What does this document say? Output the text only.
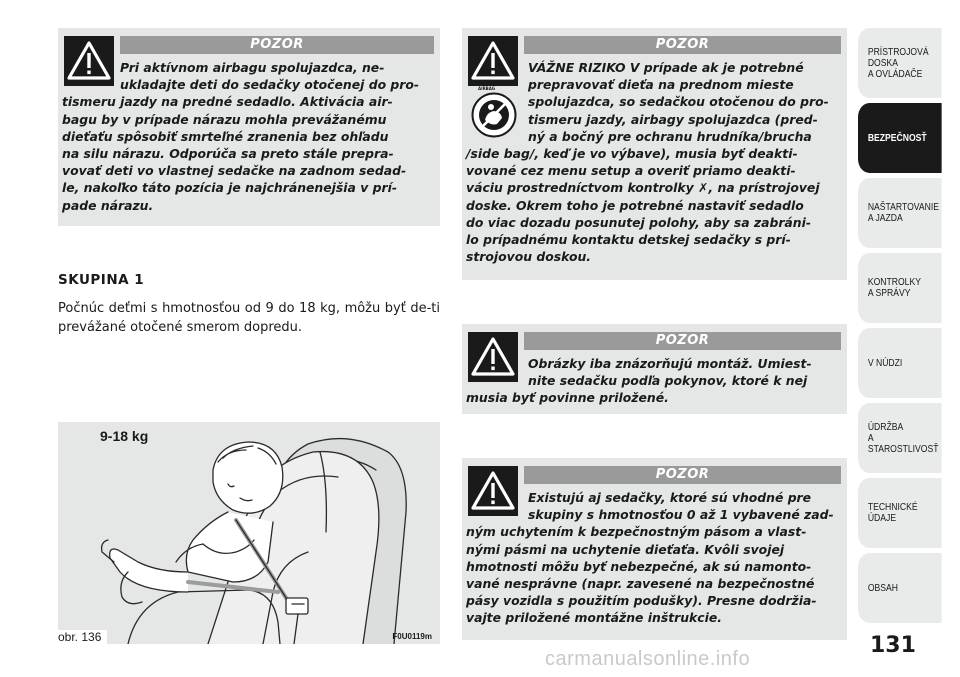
POZOR
Pri aktívnom airbagu spolujazdca, ne-
ukladajte deti do sedačky otočenej do pro-
tismeru jazdy na predné sedadlo. Aktivácia air-
bagu by v prípade nárazu mohla prevážanému
dieťaťu spôsobiť smrteľné zranenia bez ohľadu
na silu nárazu. Odporúča sa preto stále prepra-
vovať deti vo vlastnej sedačke na zadnom sedad-
le, nakoľko táto pozícia je najchránenejšia v prí-
pade nárazu.
SKUPINA 1
Počnúc deťmi s hmotnosťou od 9 do 18 kg, môžu byť de-ti prevážané otočené smerom dopredu.
9-18 kg
F0U0119m
obr. 136
AIRBAG
POZOR
VÁŽNE RIZIKO V prípade ak je potrebné
prepravovať dieťa na prednom mieste
spolujazdca, so sedačkou otočenou do pro-
tismeru jazdy, airbagy spolujazdca (pred-
ný a bočný pre ochranu hrudníka/brucha
/side bag/, keď je vo výbave), musia byť deakti-
vované cez menu setup a overiť priamo deakti-
váciu prostredníctvom kontrolky ✗, na prístrojovej
doske. Okrem toho je potrebné nastaviť sedadlo
do viac dozadu posunutej polohy, aby sa zabráni-
lo prípadnému kontaktu detskej sedačky s prí-
strojovou doskou.
POZOR
Obrázky iba znázorňujú montáž. Umiest-
nite sedačku podľa pokynov, ktoré k nej
musia byť povinne priložené.
POZOR
Existujú aj sedačky, ktoré sú vhodné pre
skupiny s hmotnosťou 0 až 1 vybavené zad-
ným uchytením k bezpečnostným pásom a vlast-
nými pásmi na uchytenie dieťaťa. Kvôli svojej
hmotnosti môžu byť nebezpečné, ak sú namonto-
vané nesprávne (napr. zavesené na bezpečnostné
pásy vozidla s použitím podušky). Presne dodržia-
vajte priložené montážne inštrukcie.
PRÍSTROJOVÁ
DOSKA
A OVLÁDAČE
BEZPEČNOSŤ
NAŠTARTOVANIE
A JAZDA
KONTROLKY
A SPRÁVY
V NÚDZI
ÚDRŽBA
A STAROSTLIVOSŤ
TECHNICKÉ ÚDAJE
OBSAH
131
carmanualsonline.info
